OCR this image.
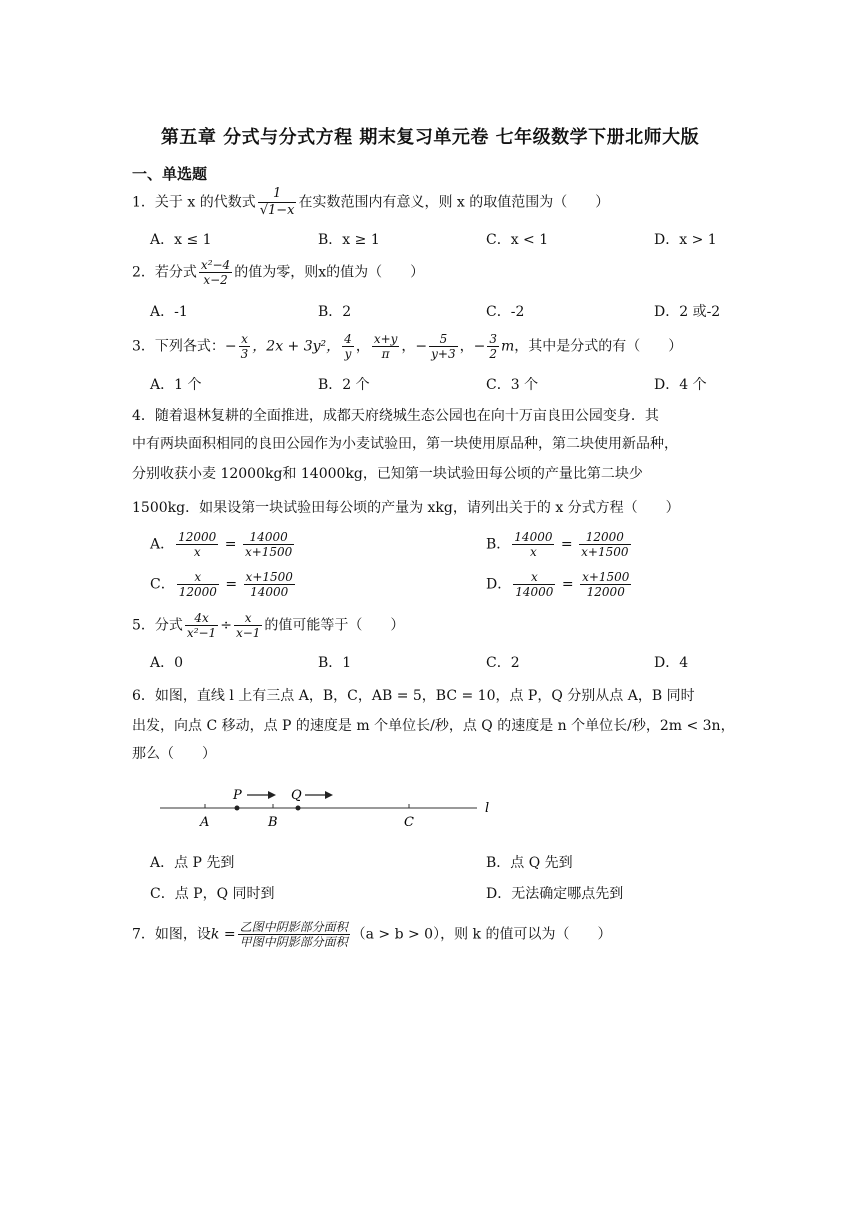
第五章 分式与分式方程 期末复习单元卷 七年级数学下册北师大版
一、单选题
1．关于 x 的代数式 $\frac{1}{√1-x}$ 在实数范围内有意义，则 x 的取值范围为（　　）
A．x ≤ 1	B．x ≥ 1	C．x < 1	D．x > 1
2．若分式 $\frac{\text{x²−4}}{x-2}$ 的值为零，则x的值为（　　）
A．-1	B．2	C．-2	D．2 或-2
3．下列各式：− $\frac{x}{3}$ ，2x + 3y²， $\frac{4}{y}$ ， $\frac{x+y}{\pi}$ ，− $\frac{5}{y+3}$ ，− $\frac{3}{2}$ m，其中是分式的有（　　）
A．1 个	B．2 个	C．3 个	D．4 个
4．随着退林复耕的全面推进，成都天府绕城生态公园也在向十万亩良田公园变身．其
中有两块面积相同的良田公园作为小麦试验田，第一块使用原品种，第二块使用新品种，
分别收获小麦 12000kg和 14000kg，已知第一块试验田每公顷的产量比第二块少
1500kg．如果设第一块试验田每公顷的产量为 xkg，请列出关于的 x 分式方程（　　）
A． $\frac{12000}{x} = \frac{14000}{x+1500}$	B． $\frac{14000}{x} = \frac{12000}{x+1500}$
C． $\frac{x}{12000} = \frac{x+1500}{14000}$	D． $\frac{x}{14000} = \frac{x+1500}{12000}$
5．分式 $\frac{4x}{\text{x²−1}} \div \frac{x}{x-1}$ 的值可能等于（　　）
A．0	B．1	C．2	D．4
6．如图，直线 l 上有三点 A，B，C，AB = 5，BC = 10，点 P，Q 分别从点 A，B 同时
出发，向点 C 移动，点 P 的速度是 m 个单位长/秒，点 Q 的速度是 n 个单位长/秒，2m < 3n，
那么（　　）
P	Q
A	B	C
l
A．点 P 先到	B．点 Q 先到
C．点 P，Q 同时到	D．无法确定哪点先到
7．如图，设$k = \frac{\text{乙图中阴影部分面积}}{\text{甲图中阴影部分面积}} (a > b > 0)$，则 k 的值可以为（　　）
